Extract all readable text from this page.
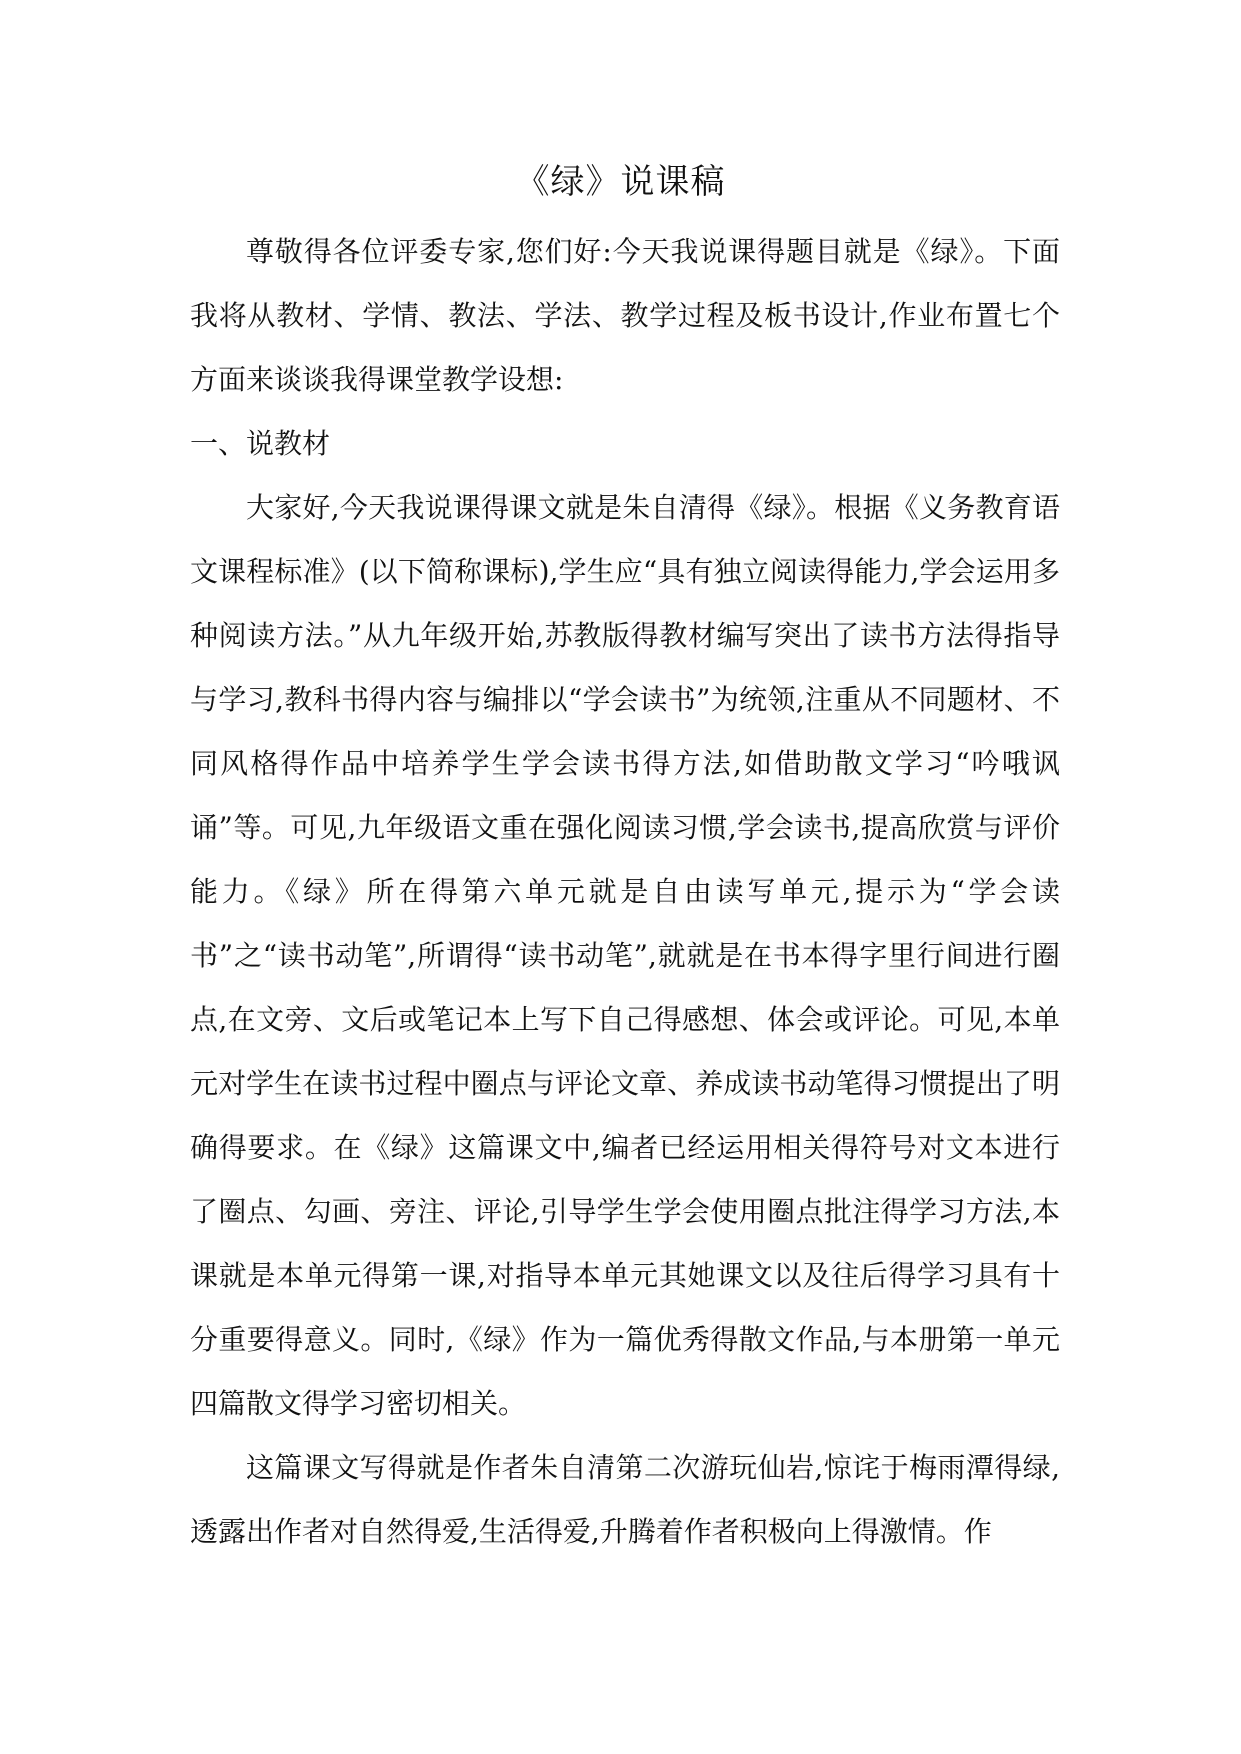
《绿》说课稿

尊敬得各位评委专家,您们好:今天我说课得题目就是《绿》。下面我将从教材、学情、教法、学法、教学过程及板书设计,作业布置七个方面来谈谈我得课堂教学设想:

一、说教材

大家好,今天我说课得课文就是朱自清得《绿》。根据《义务教育语文课程标准》(以下简称课标),学生应“具有独立阅读得能力,学会运用多种阅读方法。”从九年级开始,苏教版得教材编写突出了读书方法得指导与学习,教科书得内容与编排以“学会读书”为统领,注重从不同题材、不同风格得作品中培养学生学会读书得方法,如借助散文学习“吟哦讽诵”等。可见,九年级语文重在强化阅读习惯,学会读书,提高欣赏与评价能力。《绿》所在得第六单元就是自由读写单元,提示为“学会读书”之“读书动笔”,所谓得“读书动笔”,就就是在书本得字里行间进行圈点,在文旁、文后或笔记本上写下自己得感想、体会或评论。可见,本单元对学生在读书过程中圈点与评论文章、养成读书动笔得习惯提出了明确得要求。在《绿》这篇课文中,编者已经运用相关得符号对文本进行了圈点、勾画、旁注、评论,引导学生学会使用圈点批注得学习方法,本课就是本单元得第一课,对指导本单元其她课文以及往后得学习具有十分重要得意义。同时,《绿》作为一篇优秀得散文作品,与本册第一单元四篇散文得学习密切相关。

这篇课文写得就是作者朱自清第二次游玩仙岩,惊诧于梅雨潭得绿,透露出作者对自然得爱,生活得爱,升腾着作者积极向上得激情。作
